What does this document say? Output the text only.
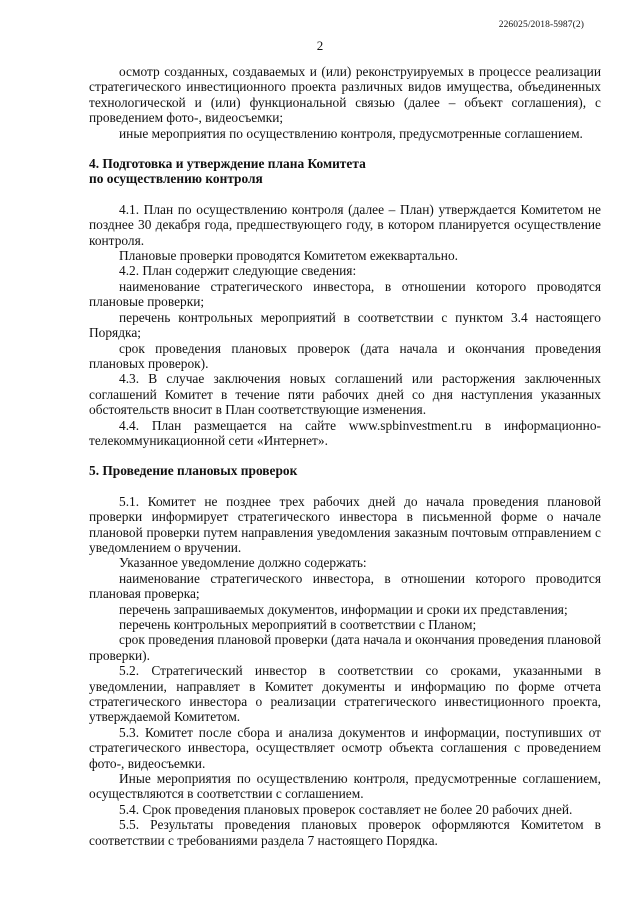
226025/2018-5987(2)
2

осмотр созданных, создаваемых и (или) реконструируемых в процессе реализации стратегического инвестиционного проекта различных видов имущества, объединенных технологической и (или) функциональной связью (далее – объект соглашения), с проведением фото-, видеосъемки;

иные мероприятия по осуществлению контроля, предусмотренные соглашением.

4. Подготовка и утверждение плана Комитета

по осуществлению контроля

4.1. План по осуществлению контроля (далее – План) утверждается Комитетом не позднее 30 декабря года, предшествующего году, в котором планируется осуществление контроля.

Плановые проверки проводятся Комитетом ежеквартально.

4.2. План содержит следующие сведения:

наименование стратегического инвестора, в отношении которого проводятся плановые проверки;

перечень контрольных мероприятий в соответствии с пунктом 3.4 настоящего Порядка;

срок проведения плановых проверок (дата начала и окончания проведения плановых проверок).

4.3. В случае заключения новых соглашений или расторжения заключенных соглашений Комитет в течение пяти рабочих дней со дня наступления указанных обстоятельств вносит в План соответствующие изменения.

4.4. План размещается на сайте www.spbinvestment.ru в информационно-телекоммуникационной сети «Интернет».

5. Проведение плановых проверок

5.1. Комитет не позднее трех рабочих дней до начала проведения плановой проверки информирует стратегического инвестора в письменной форме о начале плановой проверки путем направления уведомления заказным почтовым отправлением с уведомлением о вручении.

Указанное уведомление должно содержать:

наименование стратегического инвестора, в отношении которого проводится плановая проверка;

перечень запрашиваемых документов, информации и сроки их представления;

перечень контрольных мероприятий в соответствии с Планом;

срок проведения плановой проверки (дата начала и окончания проведения плановой проверки).

5.2. Стратегический инвестор в соответствии со сроками, указанными в уведомлении, направляет в Комитет документы и информацию по форме отчета стратегического инвестора о реализации стратегического инвестиционного проекта, утверждаемой Комитетом.

5.3. Комитет после сбора и анализа документов и информации, поступивших от стратегического инвестора, осуществляет осмотр объекта соглашения с проведением фото-, видеосъемки.

Иные мероприятия по осуществлению контроля, предусмотренные соглашением, осуществляются в соответствии с соглашением.

5.4. Срок проведения плановых проверок составляет не более 20 рабочих дней.

5.5. Результаты проведения плановых проверок оформляются Комитетом в соответствии с требованиями раздела 7 настоящего Порядка.
